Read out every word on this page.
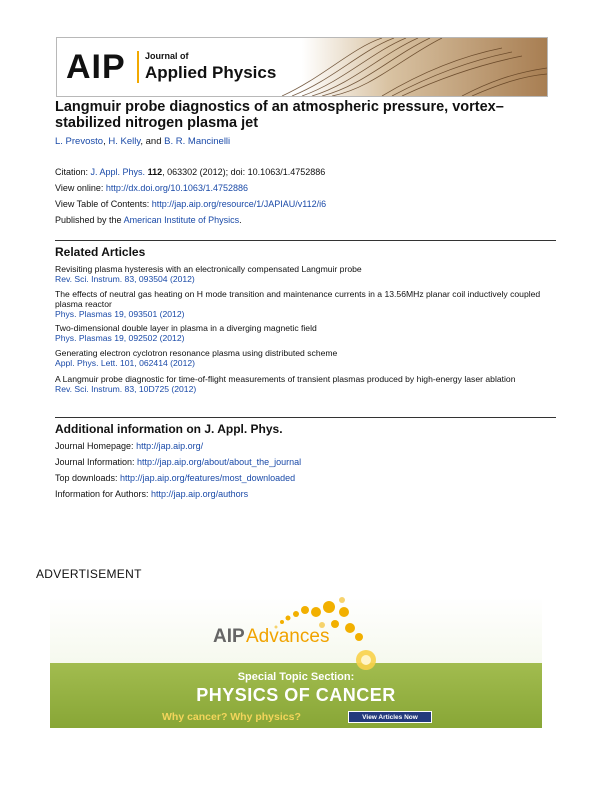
AIP Journal of
Applied Physics
Langmuir probe diagnostics of an atmospheric pressure, vortex–stabilized nitrogen plasma jet
L. Prevosto, H. Kelly, and B. R. Mancinelli
Citation: J. Appl. Phys. 112, 063302 (2012); doi: 10.1063/1.4752886
View online: http://dx.doi.org/10.1063/1.4752886
View Table of Contents: http://jap.aip.org/resource/1/JAPIAU/v112/i6
Published by the American Institute of Physics.
Related Articles
Revisiting plasma hysteresis with an electronically compensated Langmuir probe
Rev. Sci. Instrum. 83, 093504 (2012)
The effects of neutral gas heating on H mode transition and maintenance currents in a 13.56MHz planar coil inductively coupled plasma reactor
Phys. Plasmas 19, 093501 (2012)
Two-dimensional double layer in plasma in a diverging magnetic field
Phys. Plasmas 19, 092502 (2012)
Generating electron cyclotron resonance plasma using distributed scheme
Appl. Phys. Lett. 101, 062414 (2012)
A Langmuir probe diagnostic for time-of-flight measurements of transient plasmas produced by high-energy laser ablation
Rev. Sci. Instrum. 83, 10D725 (2012)
Additional information on J. Appl. Phys.
Journal Homepage: http://jap.aip.org/
Journal Information: http://jap.aip.org/about/about_the_journal
Top downloads: http://jap.aip.org/features/most_downloaded
Information for Authors: http://jap.aip.org/authors
ADVERTISEMENT
AIP Advances
Special Topic Section:
PHYSICS OF CANCER
Why cancer? Why physics?	View Articles Now
